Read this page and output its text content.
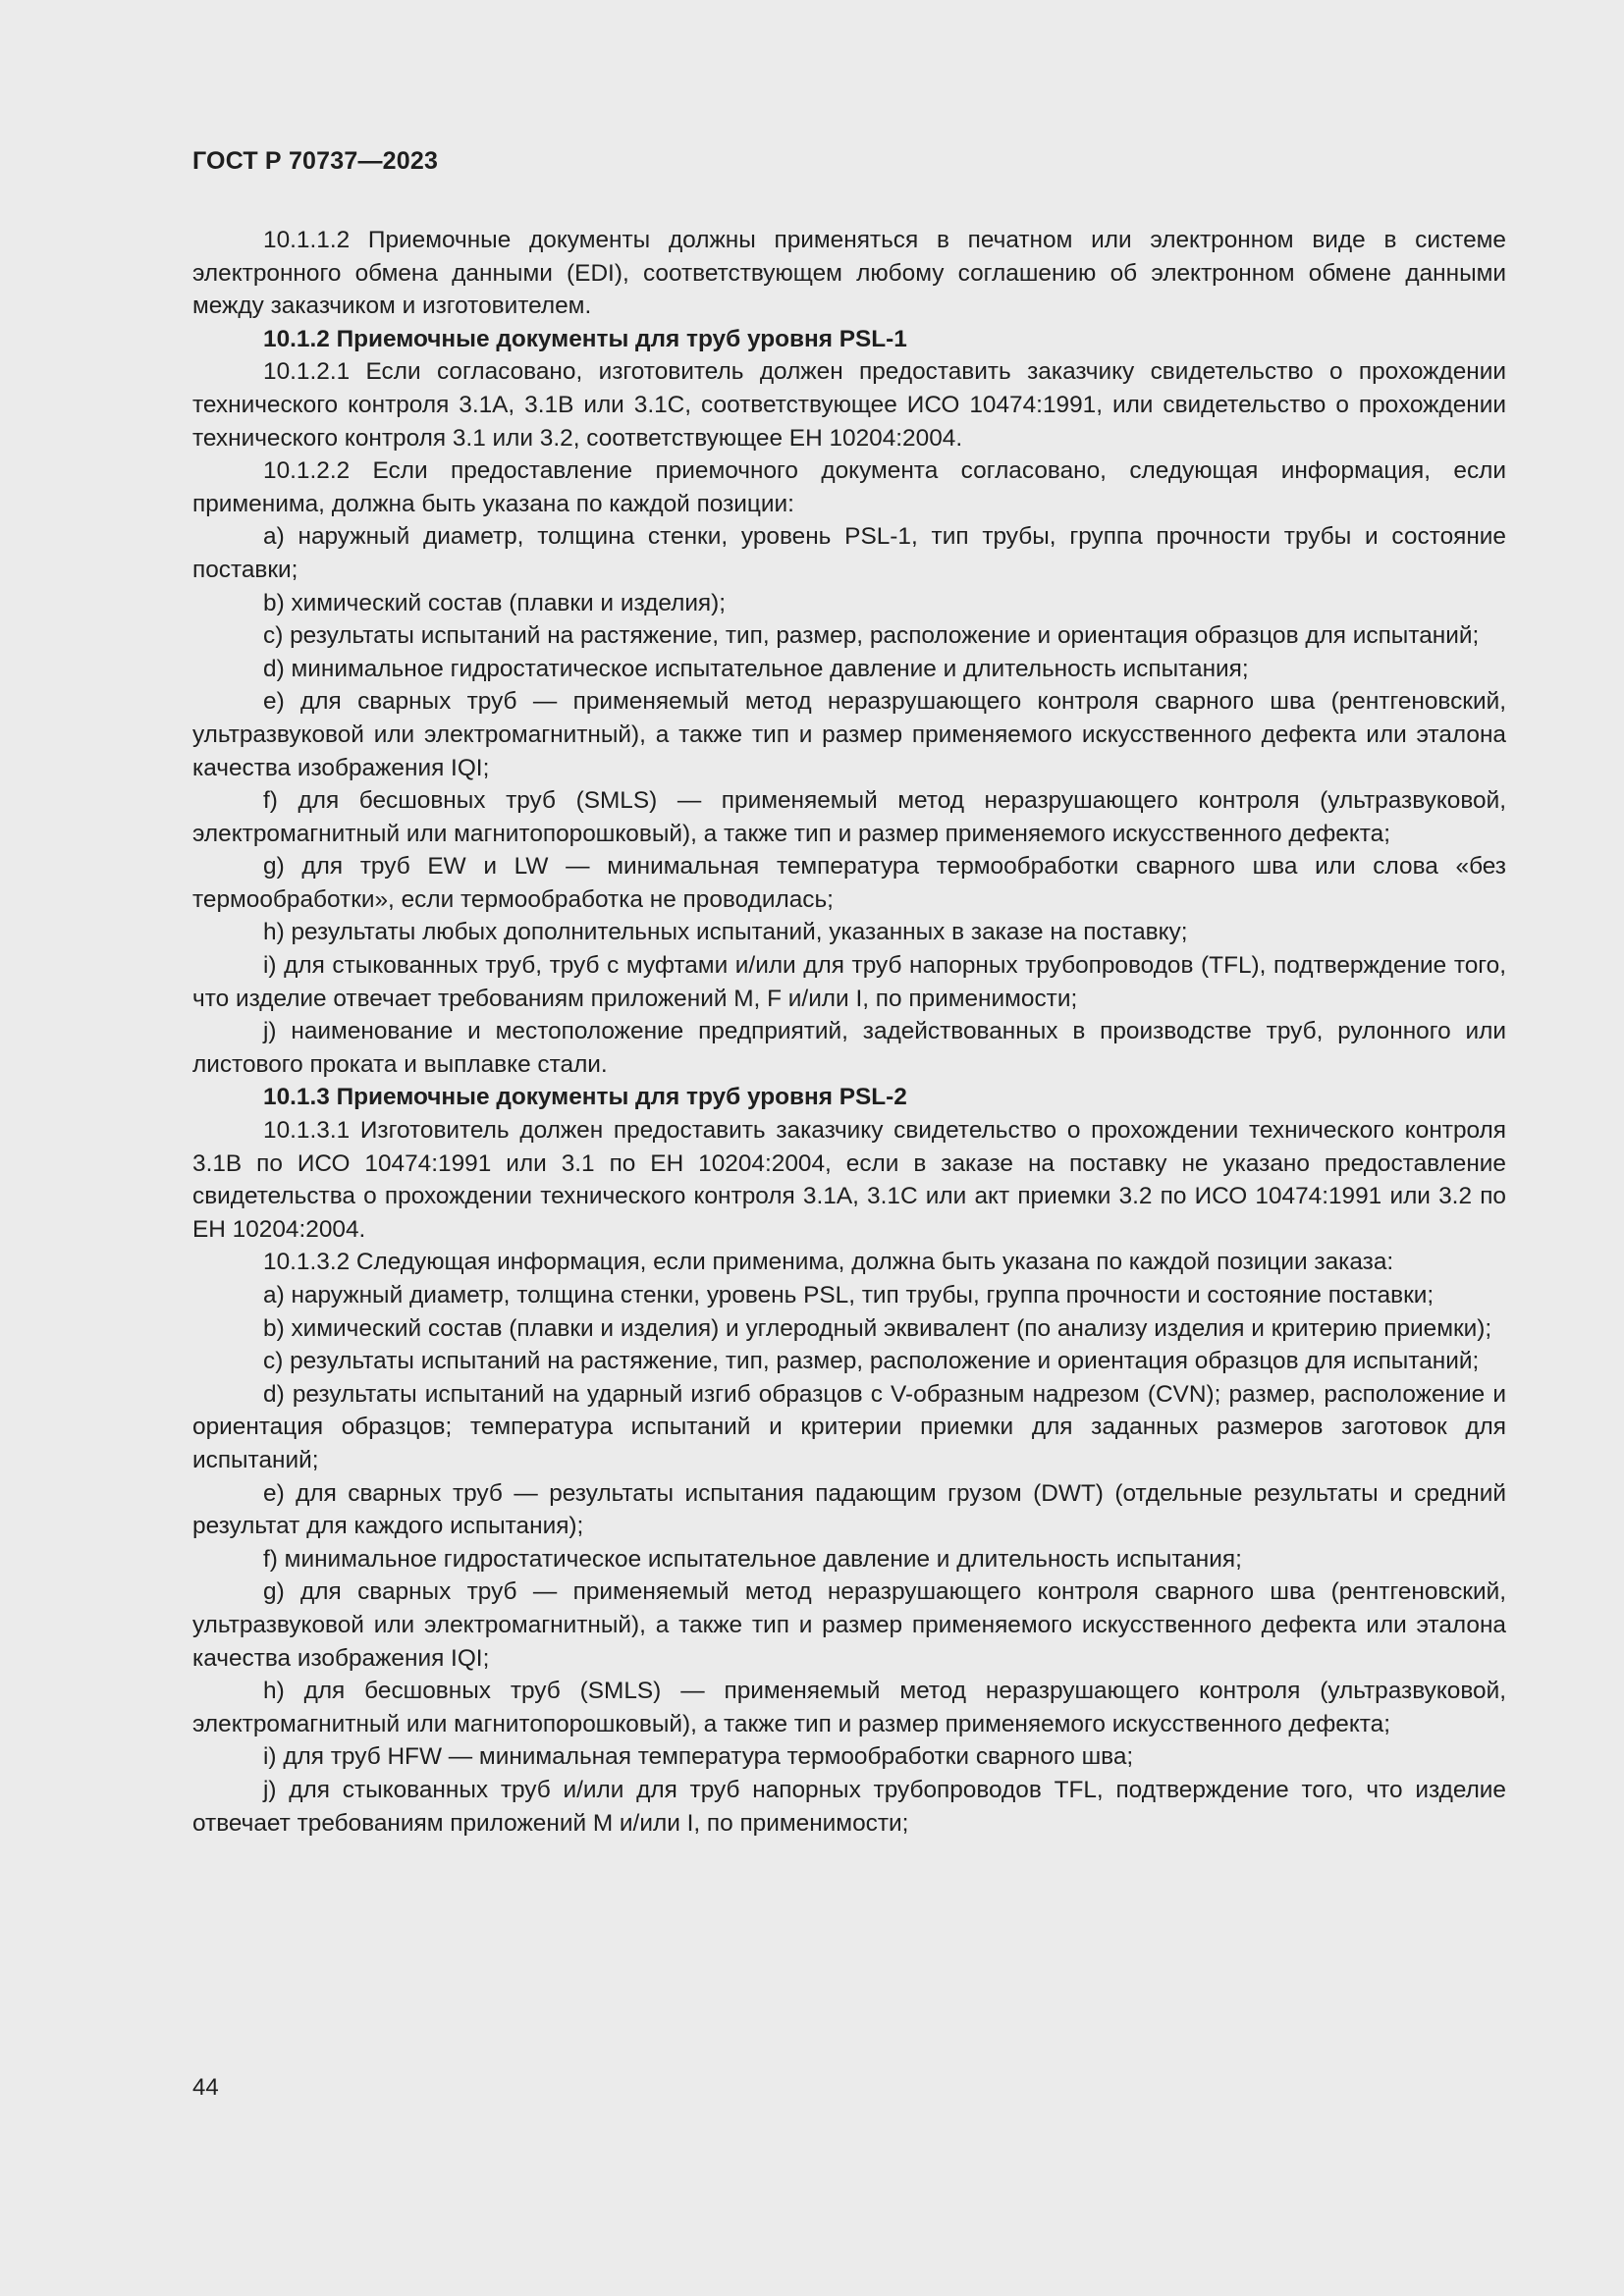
ГОСТ Р 70737—2023

10.1.1.2 Приемочные документы должны применяться в печатном или электронном виде в системе электронного обмена данными (EDI), соответствующем любому соглашению об электронном обмене данными между заказчиком и изготовителем.

10.1.2 Приемочные документы для труб уровня PSL-1

10.1.2.1 Если согласовано, изготовитель должен предоставить заказчику свидетельство о прохождении технического контроля 3.1А, 3.1В или 3.1С, соответствующее ИСО 10474:1991, или свидетельство о прохождении технического контроля 3.1 или 3.2, соответствующее ЕН 10204:2004.

10.1.2.2 Если предоставление приемочного документа согласовано, следующая информация, если применима, должна быть указана по каждой позиции:

a) наружный диаметр, толщина стенки, уровень PSL-1, тип трубы, группа прочности трубы и состояние поставки;

b) химический состав (плавки и изделия);

c) результаты испытаний на растяжение, тип, размер, расположение и ориентация образцов для испытаний;

d) минимальное гидростатическое испытательное давление и длительность испытания;

e) для сварных труб — применяемый метод неразрушающего контроля сварного шва (рентгеновский, ультразвуковой или электромагнитный), а также тип и размер применяемого искусственного дефекта или эталона качества изображения IQI;

f) для бесшовных труб (SMLS) — применяемый метод неразрушающего контроля (ультразвуковой, электромагнитный или магнитопорошковый), а также тип и размер применяемого искусственного дефекта;

g) для труб EW и LW — минимальная температура термообработки сварного шва или слова «без термообработки», если термообработка не проводилась;

h) результаты любых дополнительных испытаний, указанных в заказе на поставку;

i) для стыкованных труб, труб с муфтами и/или для труб напорных трубопроводов (TFL), подтверждение того, что изделие отвечает требованиям приложений M, F и/или I, по применимости;

j) наименование и местоположение предприятий, задействованных в производстве труб, рулонного или листового проката и выплавке стали.

10.1.3 Приемочные документы для труб уровня PSL-2

10.1.3.1 Изготовитель должен предоставить заказчику свидетельство о прохождении технического контроля 3.1В по ИСО 10474:1991 или 3.1 по ЕН 10204:2004, если в заказе на поставку не указано предоставление свидетельства о прохождении технического контроля 3.1А, 3.1С или акт приемки 3.2 по ИСО 10474:1991 или 3.2 по ЕН 10204:2004.

10.1.3.2 Следующая информация, если применима, должна быть указана по каждой позиции заказа:

a) наружный диаметр, толщина стенки, уровень PSL, тип трубы, группа прочности и состояние поставки;

b) химический состав (плавки и изделия) и углеродный эквивалент (по анализу изделия и критерию приемки);

c) результаты испытаний на растяжение, тип, размер, расположение и ориентация образцов для испытаний;

d) результаты испытаний на ударный изгиб образцов с V-образным надрезом (CVN); размер, расположение и ориентация образцов; температура испытаний и критерии приемки для заданных размеров заготовок для испытаний;

e) для сварных труб — результаты испытания падающим грузом (DWT) (отдельные результаты и средний результат для каждого испытания);

f) минимальное гидростатическое испытательное давление и длительность испытания;

g) для сварных труб — применяемый метод неразрушающего контроля сварного шва (рентгеновский, ультразвуковой или электромагнитный), а также тип и размер применяемого искусственного дефекта или эталона качества изображения IQI;

h) для бесшовных труб (SMLS) — применяемый метод неразрушающего контроля (ультразвуковой, электромагнитный или магнитопорошковый), а также тип и размер применяемого искусственного дефекта;

i) для труб HFW — минимальная температура термообработки сварного шва;

j) для стыкованных труб и/или для труб напорных трубопроводов TFL, подтверждение того, что изделие отвечает требованиям приложений M и/или I, по применимости;

44
